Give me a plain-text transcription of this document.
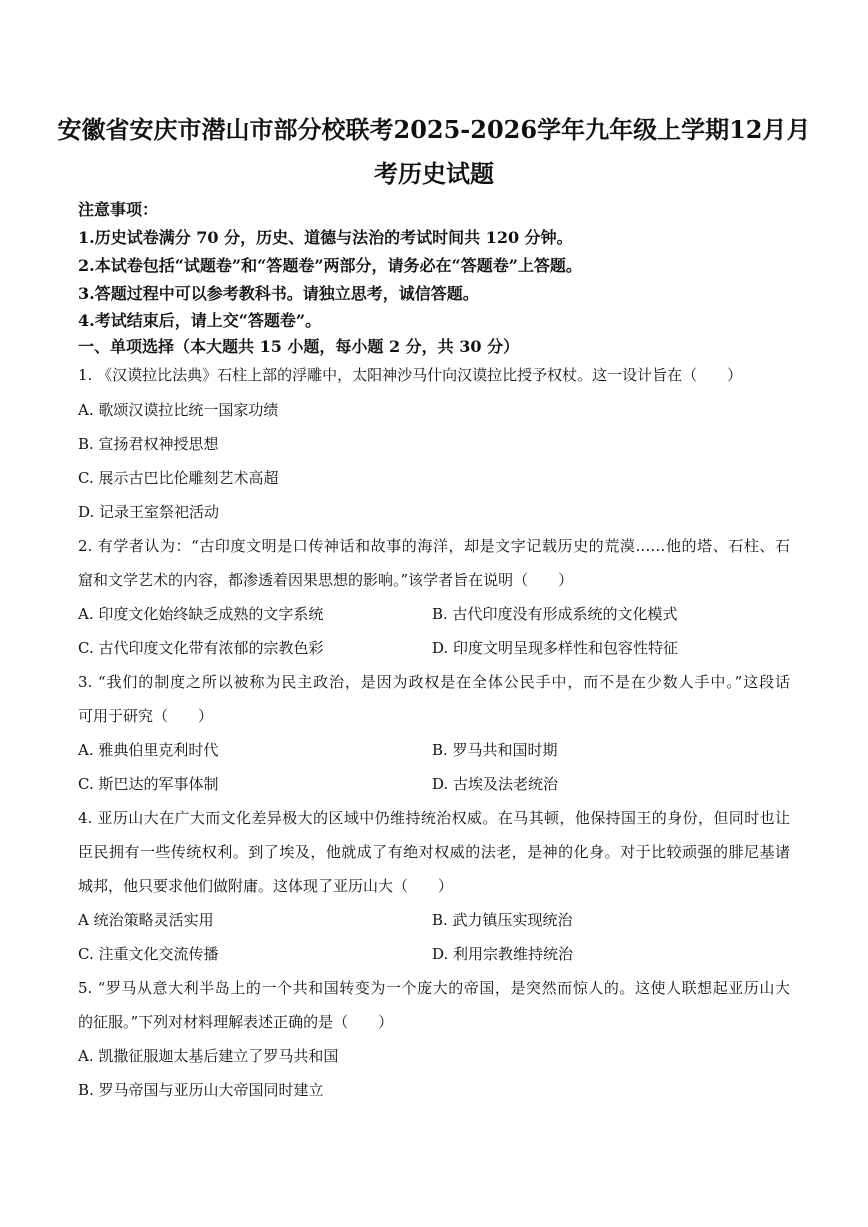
安徽省安庆市潜山市部分校联考2025-2026学年九年级上学期12月月
考历史试题
注意事项：
1.历史试卷满分 70 分，历史、道德与法治的考试时间共 120 分钟。
2.本试卷包括“试题卷”和“答题卷”两部分，请务必在“答题卷”上答题。
3.答题过程中可以参考教科书。请独立思考，诚信答题。
4.考试结束后，请上交“答题卷”。
一、单项选择（本大题共 15 小题，每小题 2 分，共 30 分）
1. 《汉谟拉比法典》石柱上部的浮雕中，太阳神沙马什向汉谟拉比授予权杖。这一设计旨在（　　）
A. 歌颂汉谟拉比统一国家功绩
B. 宣扬君权神授思想
C. 展示古巴比伦雕刻艺术高超
D. 记录王室祭祀活动
2. 有学者认为：“古印度文明是口传神话和故事的海洋，却是文字记载历史的荒漠……他的塔、石柱、石
窟和文学艺术的内容，都渗透着因果思想的影响。”该学者旨在说明（　　）
A. 印度文化始终缺乏成熟的文字系统	B. 古代印度没有形成系统的文化模式
C. 古代印度文化带有浓郁的宗教色彩	D. 印度文明呈现多样性和包容性特征
3. “我们的制度之所以被称为民主政治，是因为政权是在全体公民手中，而不是在少数人手中。”这段话
可用于研究（　　）
A. 雅典伯里克利时代	B. 罗马共和国时期
C. 斯巴达的军事体制	D. 古埃及法老统治
4. 亚历山大在广大而文化差异极大的区域中仍维持统治权威。在马其顿，他保持国王的身份，但同时也让
臣民拥有一些传统权利。到了埃及，他就成了有绝对权威的法老，是神的化身。对于比较顽强的腓尼基诸
城邦，他只要求他们做附庸。这体现了亚历山大（　　）
A 统治策略灵活实用	B. 武力镇压实现统治
C. 注重文化交流传播	D. 利用宗教维持统治
5. “罗马从意大利半岛上的一个共和国转变为一个庞大的帝国，是突然而惊人的。这使人联想起亚历山大
的征服。”下列对材料理解表述正确的是（　　）
A. 凯撒征服迦太基后建立了罗马共和国
B. 罗马帝国与亚历山大帝国同时建立
